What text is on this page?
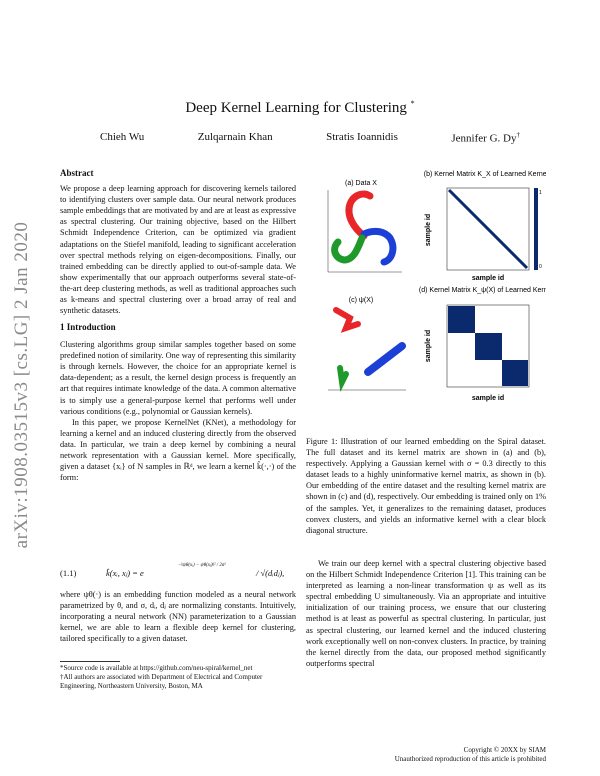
arXiv:1908.03515v3 [cs.LG] 2 Jan 2020
Deep Kernel Learning for Clustering *
Chieh Wu	Zulqarnain Khan	Stratis Ioannidis	Jennifer G. Dy†
Abstract

We propose a deep learning approach for discovering kernels tailored to identifying clusters over sample data. Our neural network produces sample embeddings that are motivated by and are at least as expressive as spectral clustering. Our training objective, based on the Hilbert Schmidt Independence Criterion, can be optimized via gradient adaptations on the Stiefel manifold, leading to significant acceleration over spectral methods relying on eigen-decompositions. Finally, our trained embedding can be directly applied to out-of-sample data. We show experimentally that our approach outperforms several state-of-the-art deep clustering methods, as well as traditional approaches such as k-means and spectral clustering over a broad array of real and synthetic datasets.

1 Introduction

Clustering algorithms group similar samples together based on some predefined notion of similarity. One way of representing this similarity is through kernels. However, the choice for an appropriate kernel is data-dependent; as a result, the kernel design process is frequently an art that requires intimate knowledge of the data. A common alternative is to simply use a general-purpose kernel that performs well under various conditions (e.g., polynomial or Gaussian kernels).

In this paper, we propose KernelNet (KNet), a methodology for learning a kernel and an induced clustering directly from the observed data. In particular, we train a deep kernel by combining a neural network representation with a Gaussian kernel. More specifically, given a dataset {xᵢ} of N samples in ℝᵈ, we learn a kernel k̂(·,·) of the form:

(1.1)	k̂(xᵢ, xⱼ) = e
−‖ψθ(xᵢ) − ψθ(xⱼ)‖² / 2σ²
/ √(dᵢdⱼ),

where ψθ(·) is an embedding function modeled as a neural network parametrized by θ, and σ, dᵢ, dⱼ are normalizing constants. Intuitively, incorporating a neural network (NN) parameterization to a Gaussian kernel, we are able to learn a flexible deep kernel for clustering, tailored specifically to a given dataset.

*Source code is available at https://github.com/neu-spiral/kernel_net
†All authors are associated with Department of Electrical and Computer Engineering, Northeastern University, Boston, MA
(a) Data X
(b) Kernel Matrix K_X of Learned Kernel
1
0
sample id
sample id
(c) ψ(X)
(d) Kernel Matrix K_ψ(X) of Learned Kernel
sample id
sample id

Figure 1: Illustration of our learned embedding on the Spiral dataset. The full dataset and its kernel matrix are shown in (a) and (b), respectively. Applying a Gaussian kernel with σ = 0.3 directly to this dataset leads to a highly uninformative kernel matrix, as shown in (b). Our embedding of the entire dataset and the resulting kernel matrix are shown in (c) and (d), respectively. Our embedding is trained only on 1% of the samples. Yet, it generalizes to the remaining dataset, produces convex clusters, and yields an informative kernel with a clear block diagonal structure.

We train our deep kernel with a spectral clustering objective based on the Hilbert Schmidt Independence Criterion [1]. This training can be interpreted as learning a non-linear transformation ψ as well as its spectral embedding U simultaneously. Via an appropriate and intuitive initialization of our training process, we ensure that our clustering method is at least as powerful as spectral clustering. In particular, just as spectral clustering, our learned kernel and the induced clustering work exceptionally well on non-convex clusters. In practice, by training the kernel directly from the data, our proposed method significantly outperforms spectral

Copyright © 20XX by SIAM
Unauthorized reproduction of this article is prohibited
